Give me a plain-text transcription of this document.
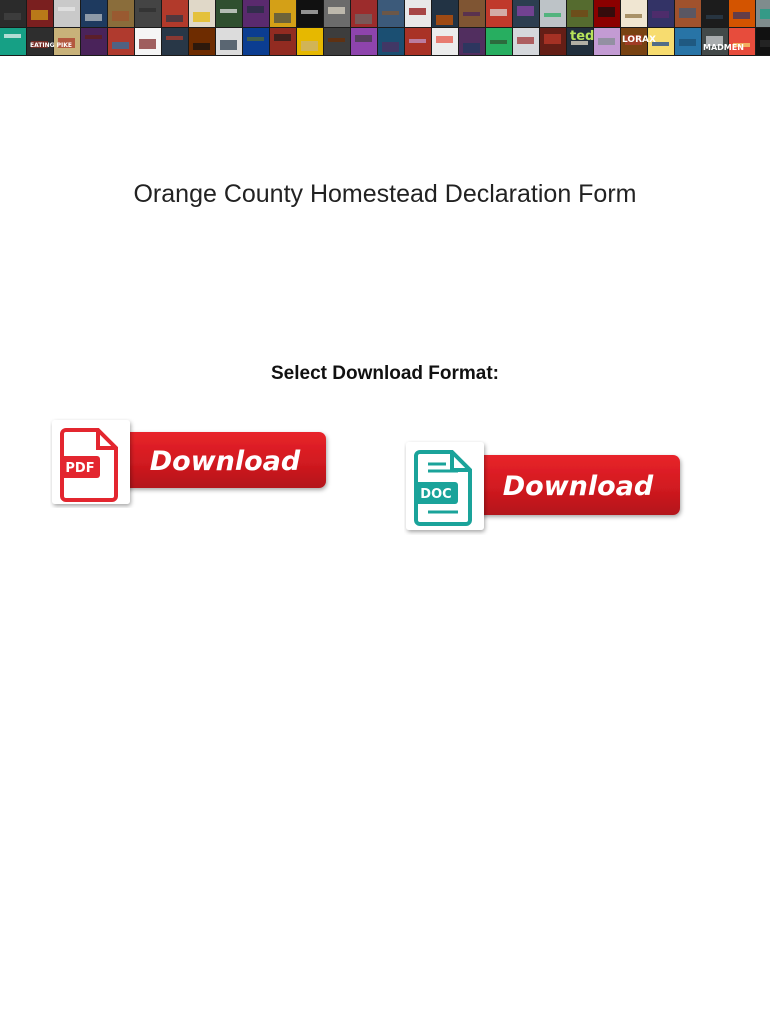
EATING PIKE
ted	LORAX
MADMEN
Orange County Homestead Declaration Form
Select Download Format:
PDF Download
DOC Download
